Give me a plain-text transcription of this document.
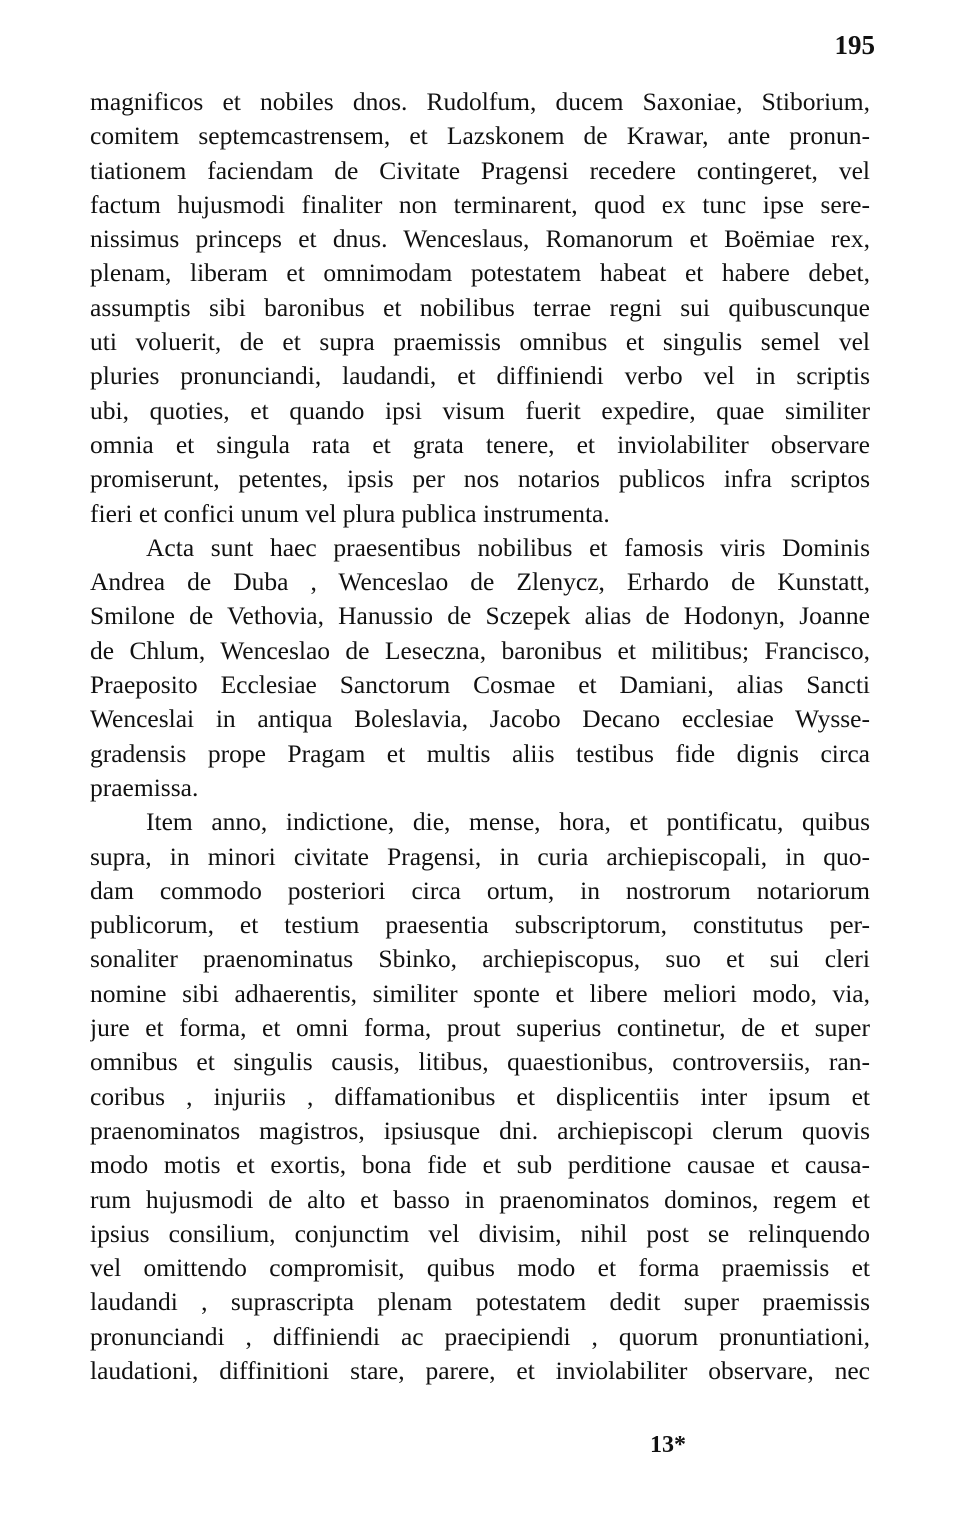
195

magnificos et nobiles dnos. Rudolfum, ducem Saxoniae, Stiborium,
comitem septemcastrensem, et Lazskonem de Krawar, ante pronun-
tiationem faciendam de Civitate Pragensi recedere contingeret, vel
factum hujusmodi finaliter non terminarent, quod ex tunc ipse sere-
nissimus princeps et dnus. Wenceslaus, Romanorum et Boëmiae rex,
plenam, liberam et omnimodam potestatem habeat et habere debet,
assumptis sibi baronibus et nobilibus terrae regni sui quibuscunque
uti voluerit, de et supra praemissis omnibus et singulis semel vel
pluries pronunciandi, laudandi, et diffiniendi verbo vel in scriptis
ubi, quoties, et quando ipsi visum fuerit expedire, quae similiter
omnia et singula rata et grata tenere, et inviolabiliter observare
promiserunt, petentes, ipsis per nos notarios publicos infra scriptos
fieri et confici unum vel plura publica instrumenta.

Acta sunt haec praesentibus nobilibus et famosis viris Dominis
Andrea de Duba , Wenceslao de Zlenycz, Erhardo de Kunstatt,
Smilone de Vethovia, Hanussio de Sczepek alias de Hodonyn, Joanne
de Chlum, Wenceslao de Leseczna, baronibus et militibus; Francisco,
Praeposito Ecclesiae Sanctorum Cosmae et Damiani, alias Sancti
Wenceslai in antiqua Boleslavia, Jacobo Decano ecclesiae Wysse-
gradensis prope Pragam et multis aliis testibus fide dignis circa
praemissa.

Item anno, indictione, die, mense, hora, et pontificatu, quibus
supra, in minori civitate Pragensi, in curia archiepiscopali, in quo-
dam commodo posteriori circa ortum, in nostrorum notariorum
publicorum, et testium praesentia subscriptorum, constitutus per-
sonaliter praenominatus Sbinko, archiepiscopus, suo et sui cleri
nomine sibi adhaerentis, similiter sponte et libere meliori modo, via,
jure et forma, et omni forma, prout superius continetur, de et super
omnibus et singulis causis, litibus, quaestionibus, controversiis, ran-
coribus , injuriis , diffamationibus et displicentiis inter ipsum et
praenominatos magistros, ipsiusque dni. archiepiscopi clerum quovis
modo motis et exortis, bona fide et sub perditione causae et causa-
rum hujusmodi de alto et basso in praenominatos dominos, regem et
ipsius consilium, conjunctim vel divisim, nihil post se relinquendo
vel omittendo compromisit, quibus modo et forma praemissis et
laudandi , suprascripta plenam potestatem dedit super praemissis
pronunciandi , diffiniendi ac praecipiendi , quorum pronuntiationi,
laudationi, diffinitioni stare, parere, et inviolabiliter observare, nec

13*
